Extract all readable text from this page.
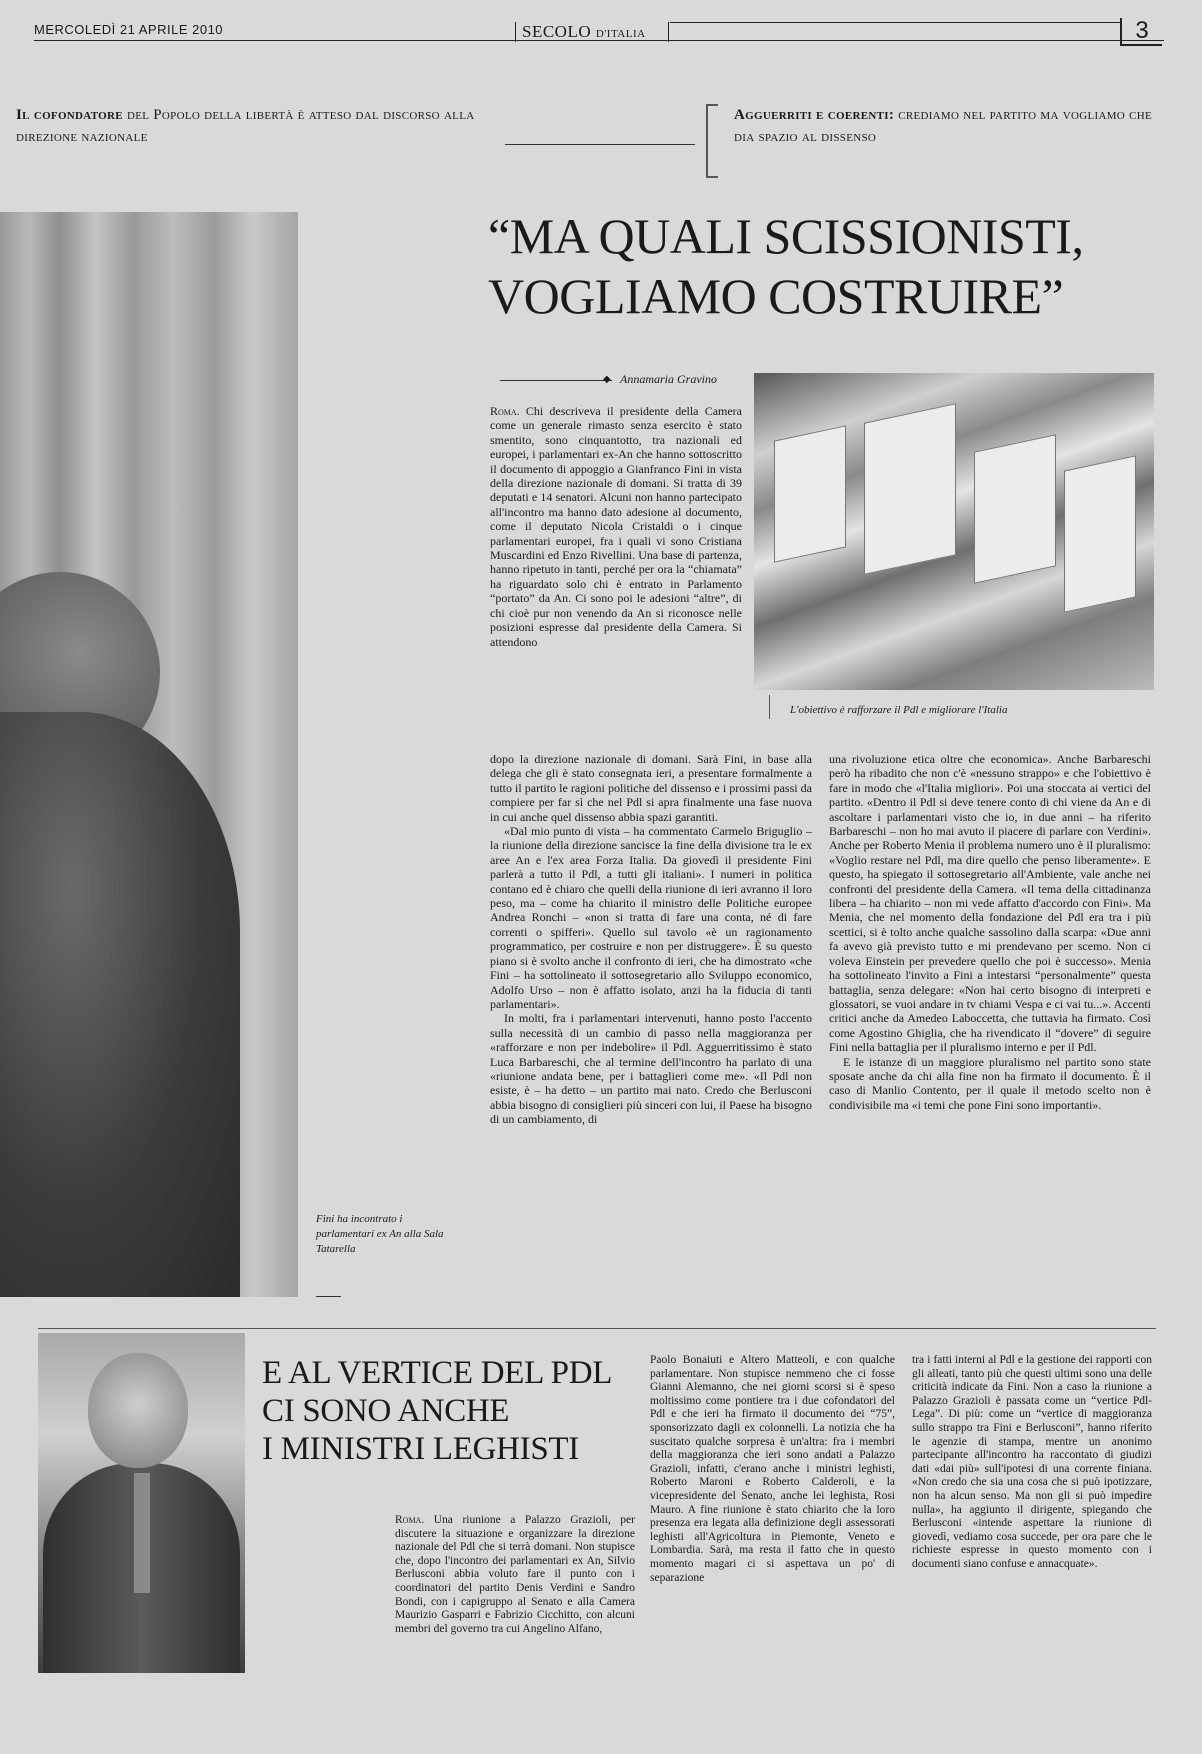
MERCOLEDÌ 21 APRILE 2010	SECOLO D'ITALIA	3
Il cofondatore del Popolo della libertà è atteso dal discorso alla direzione nazionale
Agguerriti e coerenti: crediamo nel partito ma vogliamo che dia spazio al dissenso
Fini ha incontrato i parlamentari ex An alla Sala Tatarella
“MA QUALI SCISSIONISTI,
VOGLIAMO COSTRUIRE”
◆ Annamaria Gravino
L'obiettivo è rafforzare il Pdl e migliorare l'Italia

Roma. Chi descriveva il presidente della Camera come un generale rimasto senza esercito è stato smentito, sono cinquantotto, tra nazionali ed europei, i parlamentari ex-An che hanno sottoscritto il documento di appoggio a Gianfranco Fini in vista della direzione nazionale di domani. Si tratta di 39 deputati e 14 senatori. Alcuni non hanno partecipato all'incontro ma hanno dato adesione al documento, come il deputato Nicola Cristaldi o i cinque parlamentari europei, fra i quali vi sono Cristiana Muscardini ed Enzo Rivellini. Una base di partenza, hanno ripetuto in tanti, perché per ora la “chiamata” ha riguardato solo chi è entrato in Parlamento “portato” da An. Ci sono poi le adesioni “altre”, di chi cioè pur non venendo da An si riconosce nelle posizioni espresse dal presidente della Camera. Si attendono

dopo la direzione nazionale di domani. Sarà Fini, in base alla delega che gli è stato consegnata ieri, a presentare formalmente a tutto il partito le ragioni politiche del dissenso e i prossimi passi da compiere per far sì che nel Pdl si apra finalmente una fase nuova in cui anche quel dissenso abbia spazi garantiti.

«Dal mio punto di vista – ha commentato Carmelo Briguglio – la riunione della direzione sancisce la fine della divisione tra le ex aree An e l'ex area Forza Italia. Da giovedì il presidente Fini parlerà a tutto il Pdl, a tutti gli italiani». I numeri in politica contano ed è chiaro che quelli della riunione di ieri avranno il loro peso, ma – come ha chiarito il ministro delle Politiche europee Andrea Ronchi – «non si tratta di fare una conta, né di fare correnti o spifferi». Quello sul tavolo «è un ragionamento programmatico, per costruire e non per distruggere». È su questo piano si è svolto anche il confronto di ieri, che ha dimostrato «che Fini – ha sottolineato il sottosegretario allo Sviluppo economico, Adolfo Urso – non è affatto isolato, anzi ha la fiducia di tanti parlamentari».

In molti, fra i parlamentari intervenuti, hanno posto l'accento sulla necessità di un cambio di passo nella maggioranza per «rafforzare e non per indebolire» il Pdl. Agguerritissimo è stato Luca Barbareschi, che al termine dell'incontro ha parlato di una «riunione andata bene, per i battaglieri come me». «Il Pdl non esiste, è – ha detto – un partito mai nato. Credo che Berlusconi abbia bisogno di consiglieri più sinceri con lui, il Paese ha bisogno di un cambiamento, di

una rivoluzione etica oltre che economica». Anche Barbareschi però ha ribadito che non c'è «nessuno strappo» e che l'obiettivo è fare in modo che «l'Italia migliori». Poi una stoccata ai vertici del partito. «Dentro il Pdl si deve tenere conto di chi viene da An e di ascoltare i parlamentari visto che io, in due anni – ha riferito Barbareschi – non ho mai avuto il piacere di parlare con Verdini». Anche per Roberto Menia il problema numero uno è il pluralismo: «Voglio restare nel Pdl, ma dire quello che penso liberamente». E questo, ha spiegato il sottosegretario all'Ambiente, vale anche nei confronti del presidente della Camera. «Il tema della cittadinanza libera – ha chiarito – non mi vede affatto d'accordo con Fini». Ma Menia, che nel momento della fondazione del Pdl era tra i più scettici, si è tolto anche qualche sassolino dalla scarpa: «Due anni fa avevo già previsto tutto e mi prendevano per scemo. Non ci voleva Einstein per prevedere quello che poi è successo». Menia ha sottolineato l'invito a Fini a intestarsi “personalmente” questa battaglia, senza delegare: «Non hai certo bisogno di interpreti e glossatori, se vuoi andare in tv chiami Vespa e ci vai tu...». Accenti critici anche da Amedeo Laboccetta, che tuttavia ha firmato. Così come Agostino Ghiglia, che ha rivendicato il “dovere” di seguire Fini nella battaglia per il pluralismo interno e per il Pdl.

E le istanze di un maggiore pluralismo nel partito sono state sposate anche da chi alla fine non ha firmato il documento. È il caso di Manlio Contento, per il quale il metodo scelto non è condivisibile ma «i temi che pone Fini sono importanti».

E AL VERTICE DEL PDL
CI SONO ANCHE
I MINISTRI LEGHISTI

Roma. Una riunione a Palazzo Grazioli, per discutere la situazione e organizzare la direzione nazionale del Pdl che si terrà domani. Non stupisce che, dopo l'incontro dei parlamentari ex An, Silvio Berlusconi abbia voluto fare il punto con i coordinatori del partito Denis Verdini e Sandro Bondi, con i capigruppo al Senato e alla Camera Maurizio Gasparri e Fabrizio Cicchitto, con alcuni membri del governo tra cui Angelino Alfano,

Paolo Bonaiuti e Altero Matteoli, e con qualche parlamentare. Non stupisce nemmeno che ci fosse Gianni Alemanno, che nei giorni scorsi si è speso moltissimo come pontiere tra i due cofondatori del Pdl e che ieri ha firmato il documento dei “75”, sponsorizzato dagli ex colonnelli. La notizia che ha suscitato qualche sorpresa è un'altra: fra i membri della maggioranza che ieri sono andati a Palazzo Grazioli, infatti, c'erano anche i ministri leghisti, Roberto Maroni e Roberto Calderoli, e la vicepresidente del Senato, anche lei leghista, Rosi Mauro. A fine riunione è stato chiarito che la loro presenza era legata alla definizione degli assessorati leghisti all'Agricoltura in Piemonte, Veneto e Lombardia. Sarà, ma resta il fatto che in questo momento magari ci si aspettava un po' di separazione

tra i fatti interni al Pdl e la gestione dei rapporti con gli alleati, tanto più che questi ultimi sono una delle criticità indicate da Fini. Non a caso la riunione a Palazzo Grazioli è passata come un “vertice Pdl-Lega”. Di più: come un “vertice di maggioranza sullo strappo tra Fini e Berlusconi”, hanno riferito le agenzie di stampa, mentre un anonimo partecipante all'incontro ha raccontato di giudizi dati «dai più» sull'ipotesi di una corrente finiana. «Non credo che sia una cosa che si può ipotizzare, non ha alcun senso. Ma non gli si può impedire nulla», ha aggiunto il dirigente, spiegando che Berlusconi «intende aspettare la riunione di giovedì, vediamo cosa succede, per ora pare che le richieste espresse in questo momento con i documenti siano confuse e annacquate».
